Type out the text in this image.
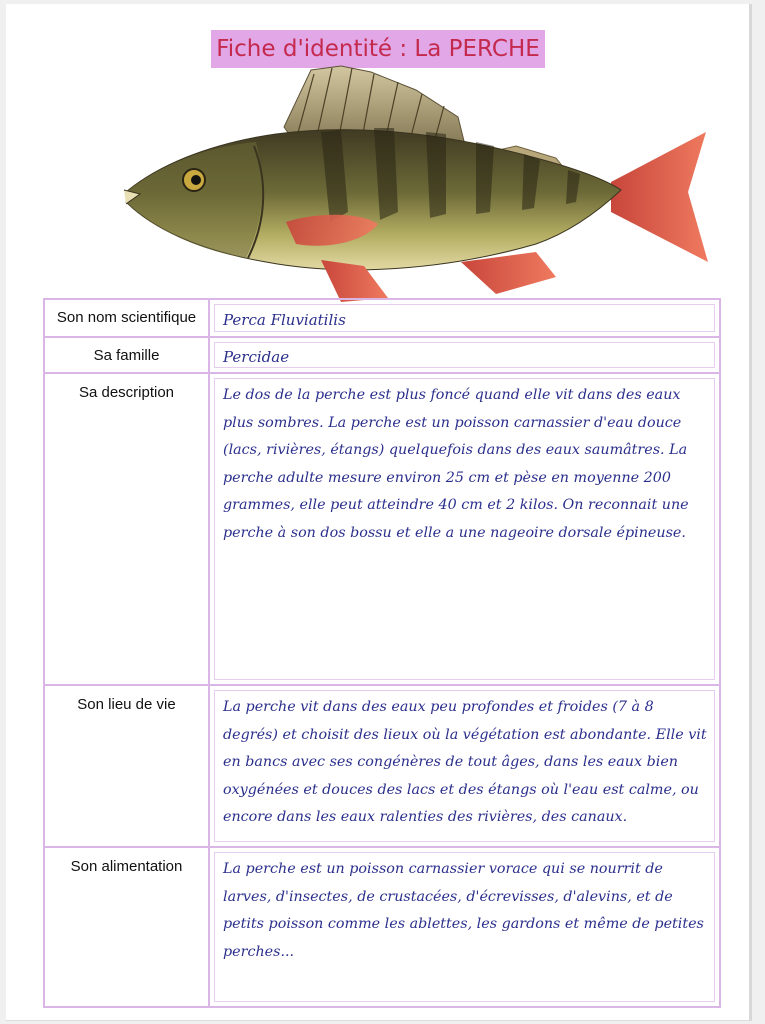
Fiche d'identité : La PERCHE
Son nom scientifique	Perca Fluviatilis
Sa famille	Percidae
Sa description	Le dos de la perche est plus foncé quand elle vit dans des eaux plus sombres. La perche est un poisson carnassier d'eau douce (lacs, rivières, étangs) quelquefois dans des eaux saumâtres. La perche adulte mesure environ 25 cm et pèse en moyenne 200 grammes, elle peut atteindre 40 cm et 2 kilos. On reconnait une perche à son dos bossu et elle a une nageoire dorsale épineuse.
Son lieu de vie	La perche vit dans des eaux peu profondes et froides (7 à 8 degrés) et choisit des lieux où la végétation est abondante. Elle vit en bancs avec ses congénères de tout âges, dans les eaux bien oxygénées et douces des lacs et des étangs où l'eau est calme, ou encore dans les eaux ralenties des rivières, des canaux.
Son alimentation	La perche est un poisson carnassier vorace qui se nourrit de larves, d'insectes, de crustacées, d'écrevisses, d'alevins, et de petits poisson comme les ablettes, les gardons et même de petites perches...
